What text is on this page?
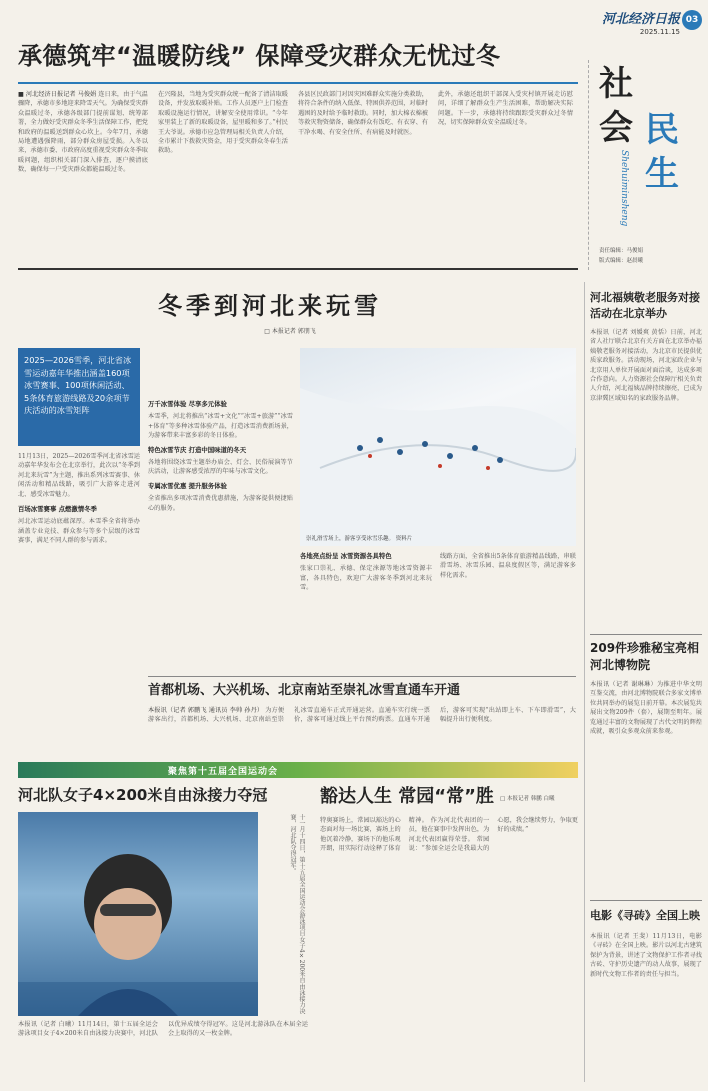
河北经济日报
2025.11.15
03
承德筑牢“温暖防线” 保障受灾群众无忧过冬
■ 河北经济日报记者 马俊娟 连日来，由于气温骤降，承德市多地迎来降雪天气。为确保受灾群众温暖过冬，承德各级部门提前谋划、统筹部署，全力做好受灾群众冬季生活保障工作，把党和政府的温暖送到群众心坎上。今年7月，承德局地遭遇强降雨，部分群众房屋受损。入冬以来，承德市委、市政府高度重视受灾群众冬季取暖问题，组织相关部门深入排查，逐户摸清底数，确保每一户受灾群众都能温暖过冬。
在兴隆县，当地为受灾群众统一配备了清洁取暖设备，并发放取暖补贴。工作人员逐户上门检查取暖设施运行情况，讲解安全使用常识。“今年家里装上了新的取暖设备，屋里暖和多了。”村民王大爷说。承德市应急管理局相关负责人介绍，全市累计下拨救灾资金，用于受灾群众冬春生活救助。
各县区民政部门对因灾困难群众实施分类救助，将符合条件的纳入低保、特困供养范围，对临时遇困的及时给予临时救助。同时，加大棉衣棉被等救灾物资储备，确保群众有饭吃、有衣穿、有干净水喝、有安全住所、有病能及时就医。
此外，承德还组织干部深入受灾村镇开展走访慰问，详细了解群众生产生活困难，帮助解决实际问题。下一步，承德将持续跟踪受灾群众过冬情况，切实保障群众安全温暖过冬。
社
会 民
生
Shehuiminsheng
责任编辑：马俊娟
版式编辑：赵晨曦
冬季到河北来玩雪
□ 本报记者 郭朋飞
2025—2026雪季，河北省冰雪运动嘉年华推出涵盖160项冰雪赛事、100项休闲活动、5条体育旅游线路及20余项节庆活动的冰雪矩阵
11月13日，2025—2026雪季河北省冰雪运动嘉年华发布会在北京举行，此次以“冬季到河北来玩雪”为主题，推出系列冰雪赛事、休闲活动和精品线路，吸引广大游客走进河北、感受冰雪魅力。
百场冰雪赛事 点燃激情冬季
河北冰雪运动底蕴深厚。本雪季全省将举办涵盖专业竞技、群众参与等多个层级的冰雪赛事，满足不同人群的参与需求。	崇礼滑雪场上，游客享受冰雪乐趣。 资料片
万千冰雪体验 尽享多元体验
本雪季，河北将推出“冰雪+文化”“冰雪+旅游”“冰雪+体育”等多种冰雪体验产品，打造冰雪消费新场景，为游客带来丰富多彩的冬日体验。
特色冰雪节庆 打造中国味道的冬天
各地将围绕冰雪主题举办庙会、灯会、民俗展演等节庆活动，让游客感受浓厚的年味与冰雪文化。
专属冰雪优惠 提升服务体验
全省推出多项冰雪消费优惠措施，为游客提供便捷贴心的服务。
各地亮点纷呈 冰雪资源各具特色
张家口崇礼、承德、保定涞源等地冰雪资源丰富，各具特色，欢迎广大游客冬季到河北来玩雪。
线路方面，全省推出5条体育旅游精品线路，串联滑雪场、冰雪乐园、温泉度假区等，满足游客多样化需求。
首都机场、大兴机场、北京南站至崇礼冰雪直通车开通
本报讯（记者 郭鹏飞 通讯员 李帅 孙丹） 为方便游客出行，首都机场、大兴机场、北京南站至崇礼冰雪直通车正式开通运营。直通车实行统一票价，游客可通过线上平台预约购票。直通车开通后，游客可实现“出站即上车、下车即滑雪”，大幅提升出行便利度。
聚焦第十五届全国运动会
河北队女子4×200米自由泳接力夺冠
十一月十四日，第十五届全国运动会游泳项目女子4×200米自由泳接力决赛，河北队夺得冠军。
本报讯（记者 白曦）11月14日，第十五届全运会游泳项目女子4×200米自由泳接力决赛中，河北队以优异成绩夺得冠军。这是河北游泳队在本届全运会上取得的又一枚金牌。
豁达人生 常园“常”胜	□ 本报记者 韩鹏 白曦
特奥赛场上，常园以豁达的心态面对每一场比赛，赛场上的他沉着冷静，赛场下的他乐观开朗，用实际行动诠释了体育精神。 作为河北代表团的一员，他在赛事中发挥出色，为河北代表团赢得荣誉。 常园说：“参加全运会是我最大的心愿，我会继续努力，争取更好的成绩。”
河北福姨敬老服务对接活动在北京举办
本报讯（记者 刘媛爽 黄恬）日前，河北省人社厅联合北京有关方面在北京举办福姨敬老服务对接活动，为北京市民提供优质家政服务。活动现场，河北家政企业与北京用人单位开展面对面洽谈，达成多项合作意向。人力资源社会保障厅相关负责人介绍，河北福姨品牌持续擦亮，已成为京津冀区域知名的家政服务品牌。
209件珍雅秘宝亮相河北博物院
本报讯（记者 谢琳琳）为推进中华文明互鉴交流，由河北博物院联合多家文博单位共同举办的展览日前开幕。本次展览共展出文物209件（套），展期至明年。展览通过丰富的文物展现了古代文明的辉煌成就，吸引众多观众前来参观。
电影《寻砖》全国上映
本报讯（记者 王斐）11月13日，电影《寻砖》在全国上映。影片以河北古建筑保护为背景，讲述了文物保护工作者寻找古砖、守护历史遗产的动人故事，展现了新时代文物工作者的责任与担当。
